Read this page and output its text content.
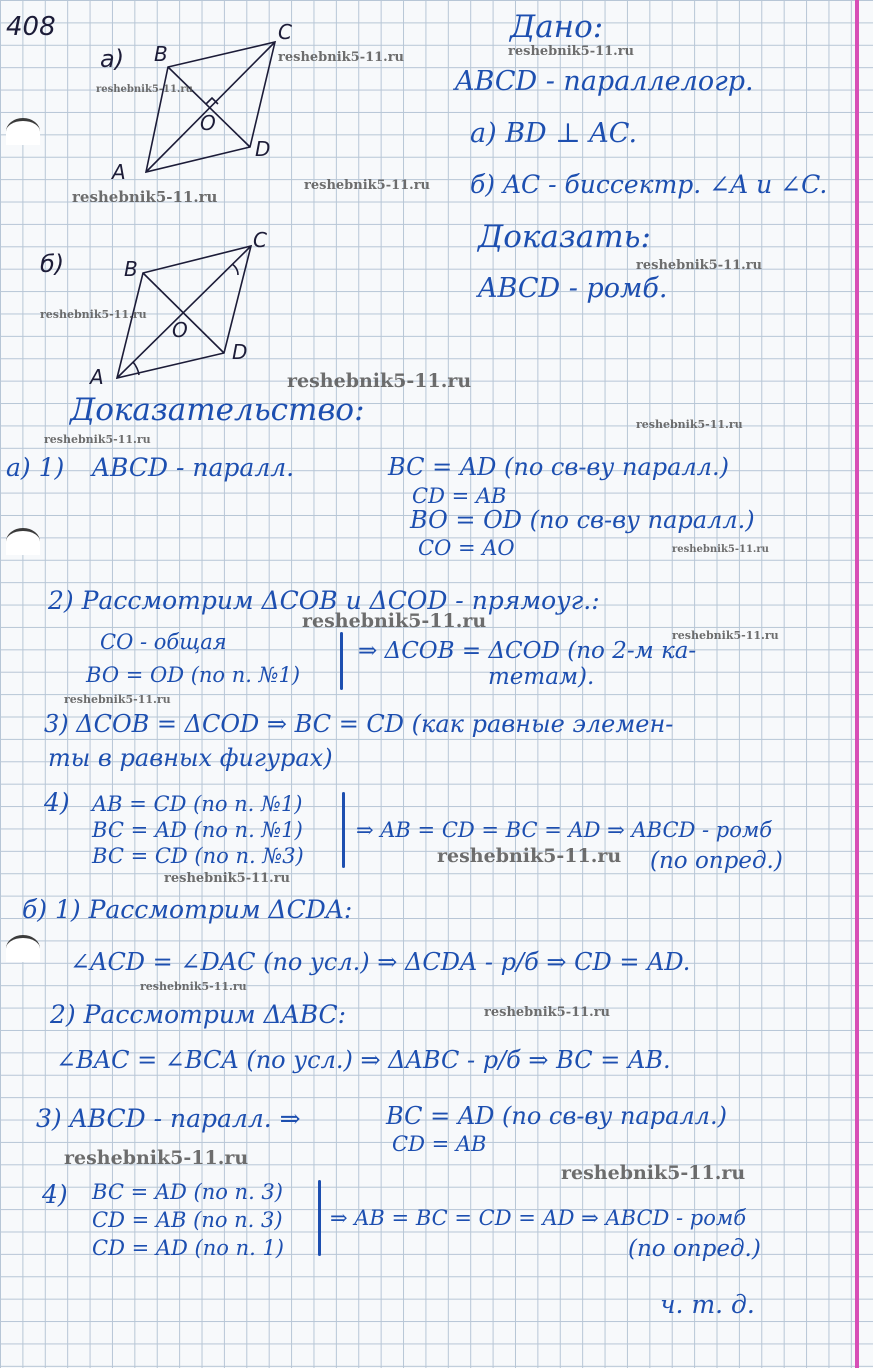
408
а) B
C
D
A
O
б)	B
C
D
A
O
Дано:
ABCD - параллелогр.
а) BD ⊥ AC.
б) AC - биссектр. ∠A и ∠C.
Доказать:
ABCD - ромб.
Доказательство:
а) 1) ABCD - паралл.	BC = AD (по св-ву паралл.)
CD = AB
BO = OD (по св-ву паралл.)
CO = AO
2) Рассмотрим ΔCOB и ΔCOD - прямоуг.:
CO - общая
BO = OD (по п. №1)
⇒ ΔCOB = ΔCOD (по 2-м ка-
тетам).
3) ΔCOB = ΔCOD ⇒ BC = CD (как равные элемен-
ты в равных фигурах)
4) AB = CD (по п. №1)
BC = AD (по п. №1)
BC = CD (по п. №3)
⇒ AB = CD = BC = AD ⇒ ABCD - ромб
(по опред.)
б) 1) Рассмотрим ΔCDA:
∠ACD = ∠DAC (по усл.) ⇒ ΔCDA - р/б ⇒ CD = AD.
2) Рассмотрим ΔABC:
∠BAC = ∠BCA (по усл.) ⇒ ΔABC - р/б ⇒ BC = AB.
3) ABCD - паралл. ⇒	BC = AD (по св-ву паралл.)
CD = AB
4) BC = AD (по п. 3)
CD = AB (по п. 3)
CD = AD (по п. 1)
⇒ AB = BC = CD = AD ⇒ ABCD - ромб
(по опред.)
ч. т. д.
reshebnik5-11.ru
reshebnik5-11.ru
reshebnik5-11.ru
reshebnik5-11.ru
reshebnik5-11.ru
reshebnik5-11.ru
reshebnik5-11.ru
reshebnik5-11.ru
reshebnik5-11.ru
reshebnik5-11.ru
reshebnik5-11.ru
reshebnik5-11.ru
reshebnik5-11.ru
reshebnik5-11.ru
reshebnik5-11.ru
reshebnik5-11.ru
reshebnik5-11.ru
reshebnik5-11.ru
reshebnik5-11.ru
reshebnik5-11.ru
